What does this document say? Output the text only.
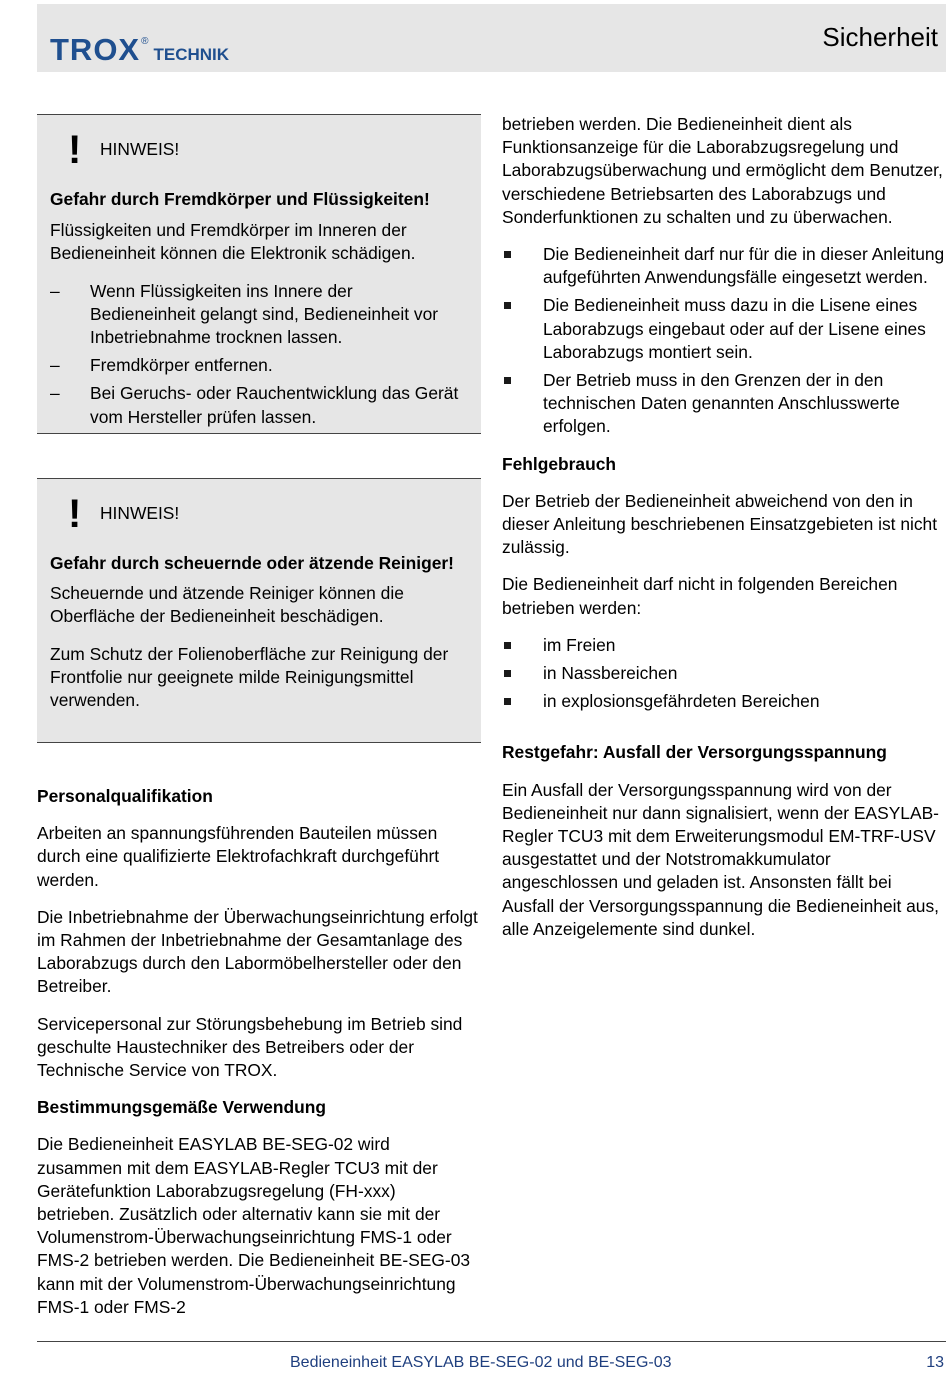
TROX ®
TECHNIK
Sicherheit
!	HINWEIS!

Gefahr durch Fremdkörper und Flüssigkeiten!

Flüssigkeiten und Fremdkörper im Inneren der Bedieneinheit können die Elektronik schädigen.

– Wenn Flüssigkeiten ins Innere der Bedieneinheit gelangt sind, Bedieneinheit vor Inbetriebnahme trocknen lassen.
– Fremdkörper entfernen.
– Bei Geruchs- oder Rauchentwicklung das Gerät vom Hersteller prüfen lassen.
!	HINWEIS!

Gefahr durch scheuernde oder ätzende Reiniger!

Scheuernde und ätzende Reiniger können die Oberfläche der Bedieneinheit beschädigen.

Zum Schutz der Folienoberfläche zur Reinigung der Frontfolie nur geeignete milde Reinigungsmittel verwenden.

Personalqualifikation

Arbeiten an spannungsführenden Bauteilen müssen durch eine qualifizierte Elektrofachkraft durchgeführt werden.

Die Inbetriebnahme der Überwachungseinrichtung erfolgt im Rahmen der Inbetriebnahme der Gesamtanlage des Laborabzugs durch den Labormöbelhersteller oder den Betreiber.

Servicepersonal zur Störungsbehebung im Betrieb sind geschulte Haustechniker des Betreibers oder der Technische Service von TROX.

Bestimmungsgemäße Verwendung

Die Bedieneinheit EASYLAB BE-SEG-02 wird zusammen mit dem EASYLAB-Regler TCU3 mit der Gerätefunktion Laborabzugsregelung (FH-xxx) betrieben. Zusätzlich oder alternativ kann sie mit der Volumenstrom-Überwachungseinrichtung FMS-1 oder FMS-2 betrieben werden. Die Bedieneinheit BE-SEG-03 kann mit der Volumenstrom-Überwachungseinrichtung FMS-1 oder FMS-2

betrieben werden. Die Bedieneinheit dient als Funktionsanzeige für die Laborabzugsregelung und Laborabzugsüberwachung und ermöglicht dem Benutzer, verschiedene Betriebsarten des Laborabzugs und Sonderfunktionen zu schalten und zu überwachen.

Die Bedieneinheit darf nur für die in dieser Anleitung aufgeführten Anwendungsfälle eingesetzt werden.
Die Bedieneinheit muss dazu in die Lisene eines Laborabzugs eingebaut oder auf der Lisene eines Laborabzugs montiert sein.
Der Betrieb muss in den Grenzen der in den technischen Daten genannten Anschlusswerte erfolgen.

Fehlgebrauch

Der Betrieb der Bedieneinheit abweichend von den in dieser Anleitung beschriebenen Einsatzgebieten ist nicht zulässig.

Die Bedieneinheit darf nicht in folgenden Bereichen betrieben werden:

im Freien
in Nassbereichen
in explosionsgefährdeten Bereichen

Restgefahr: Ausfall der Versorgungsspannung

Ein Ausfall der Versorgungsspannung wird von der Bedieneinheit nur dann signalisiert, wenn der EASYLAB-Regler TCU3 mit dem Erweiterungsmodul EM-TRF-USV ausgestattet und der Notstromakkumulator angeschlossen und geladen ist. Ansonsten fällt bei Ausfall der Versorgungsspannung die Bedieneinheit aus, alle Anzeigelemente sind dunkel.

Bedieneinheit EASYLAB BE-SEG-02 und BE-SEG-03	13
